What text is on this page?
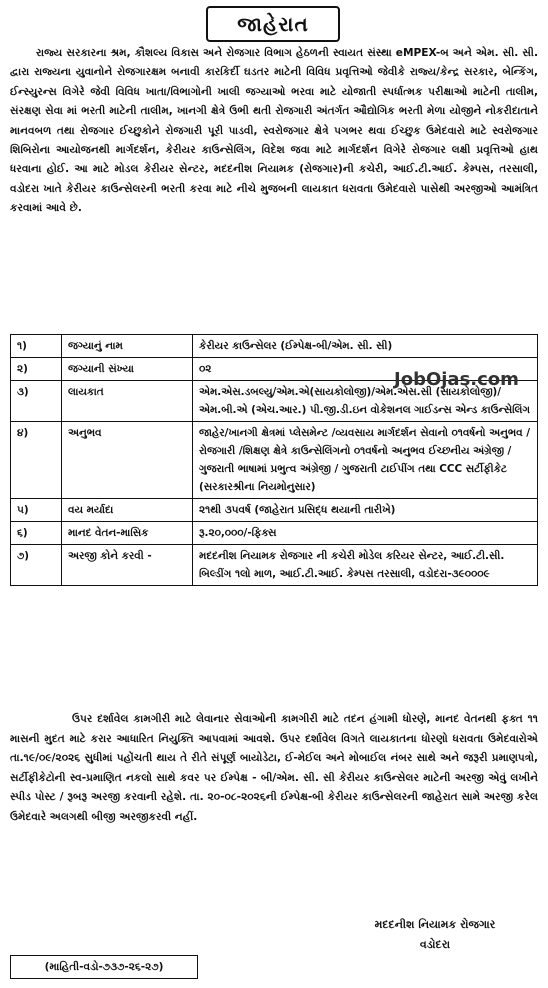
જાહેરાત

રાજ્ય સરકારના શ્રમ, કૌશલ્ય વિકાસ અને રોજગાર વિભાગ હેઠળની સ્વાયત સંસ્થા eMPEX-બ અને એમ. સી. સી. દ્વારા રાજ્યના યુવાનોને રોજગારક્ષમ બનાવી કારકિર્દી ઘડતર માટેની વિવિધ પ્રવૃત્તિઓ જેવીકે રાજ્ય/કેન્દ્ર સરકાર, બેન્કિંગ, ઈન્સ્યુરન્સ વિગેરે જેવી વિવિધ ખાતા/વિભાગોની ખાલી જગ્યાઓ ભરવા માટે યોજાતી સ્પર્ધાત્મક પરીક્ષાઓ માટેની તાલીમ, સંરક્ષણ સેવા માં ભરતી માટેની તાલીમ, ખાનગી ક્ષેત્રે ઉભી થતી રોજગારી અંતર્ગત ઔદ્યોગિક ભરતી મેળા યોજીને નોકરીદાતાને માનવબળ તથા રોજગાર ઈચ્છુકોને રોજગારી પૂરી પાડવી, સ્વરોજગાર ક્ષેત્રે પગભર થવા ઈચ્છુક ઉમેદવારો માટે સ્વરોજગાર શિબિરોના આયોજનથી માર્ગદર્શન, કેરીયર કાઉન્સેલિંગ, વિદેશ જવા માટે માર્ગદર્શન વિગેરે રોજગાર લક્ષી પ્રવૃત્તિઓ હાથ ધરવાના હોઈ. આ માટે મોડલ કેરીયર સેન્ટર, મદદનીશ નિયામક (રોજગાર)ની કચેરી, આઈ.ટી.આઈ. કેમ્પસ, તરસાલી, વડોદરા ખાતે કેરીયર કાઉન્સેલરની ભરતી કરવા માટે નીચે મુજબની લાયકાત ધરાવતા ઉમેદવારો પાસેથી અરજીઓ આમંત્રિત કરવામાં આવે છે.

૧)	જગ્યાનું નામ	કેરીયર કાઉન્સેલર (ઈમ્પેક્ષ-બી/એમ. સી. સી)
૨)	જગ્યાની સંખ્યા	૦૨
૩)	લાયકાત	એમ.એસ.ડબલ્યુ/એમ.એ(સાયકોલોજી)/એમ.એસ.સી (સાયકોલોજી)/ એમ.બી.એ (એચ.આર.) પી.જી.ડી.ઇન વોકેશનલ ગાઈડન્સ એન્ડ કાઉન્સેલિંગ
૪)	અનુભવ	જાહેર/ખાનગી ક્ષેત્રમાં પ્લેસમેન્ટ /વ્યવસાય માર્ગદર્શન સેવાનો ૦૧વર્ષનો અનુભવ /રોજગારી /શિક્ષણ ક્ષેત્રે કાઉન્સેલિંગનો ૦૧વર્ષનો અનુભવ ઈચ્છનીય અંગ્રેજી /ગુજરાતી ભાષામાં પ્રભુત્વ અંગ્રેજી / ગુજરાતી ટાઈપીંગ તથા CCC સર્ટીફીકેટ (સરકારશ્રીના નિયમોનુસાર)
૫)	વય મર્યાદા	૨૧થી ૩૫વર્ષ (જાહેરાત પ્રસિદ્ધ થયાની તારીખે)
૬)	માનદ વેતન-માસિક	રૂ.૨૦,૦૦૦/-ફિક્સ
૭)	અરજી કોને કરવી -	મદદનીશ નિયામક રોજગાર ની કચેરી મોડેલ કરિયર સેન્ટર, આઈ.ટી.સી. બિલ્ડીંગ ૧લો માળ, આઈ.ટી.આઈ. કેમ્પસ તરસાલી, વડોદરા-૩૯૦૦૦૯
JobOjas.com

ઉપર દર્શાવેલ કામગીરી માટે લેવાનાર સેવાઓની કામગીરી માટે તદન હંગામી ધોરણે, માનદ વેતનથી ફક્ત ૧૧ માસની મુદત માટે કરાર આધારિત નિયુક્તિ આપવામાં આવશે. ઉપર દર્શાવેલ વિગતે લાયકાતના ધોરણો ધરાવતા ઉમેદવારોએ તા.૧૯/૦૯/૨૦૨૬ સુધીમાં પહોંચતી થાય તે રીતે સંપૂર્ણ બાયોડેટા, ઈ-મેઈલ અને મોબાઈલ નંબર સાથે અને જરૂરી પ્રમાણપત્રો, સર્ટીફીકેટોની સ્વ-પ્રમાણિત નકલો સાથે કવર પર ઈમ્પેક્ષ - બી/એમ. સી. સી કેરીયર કાઉન્સેલર માટેની અરજી એવું લખીને સ્પીડ પોસ્ટ / રૂબરૂ અરજી કરવાની રહેશે. તા. ૨૦-૦૮-૨૦૨૬ની ઈમ્પેક્ષ-બી કેરીયર કાઉન્સેલરની જાહેરાત સામે અરજી કરેલ ઉમેદવારે અલગથી બીજી અરજીકરવી નહીં.

મદદનીશ નિયામક રોજગાર
વડોદરા
(માહિતી-વડો-૭૩૭-૨૬-૨૭)
